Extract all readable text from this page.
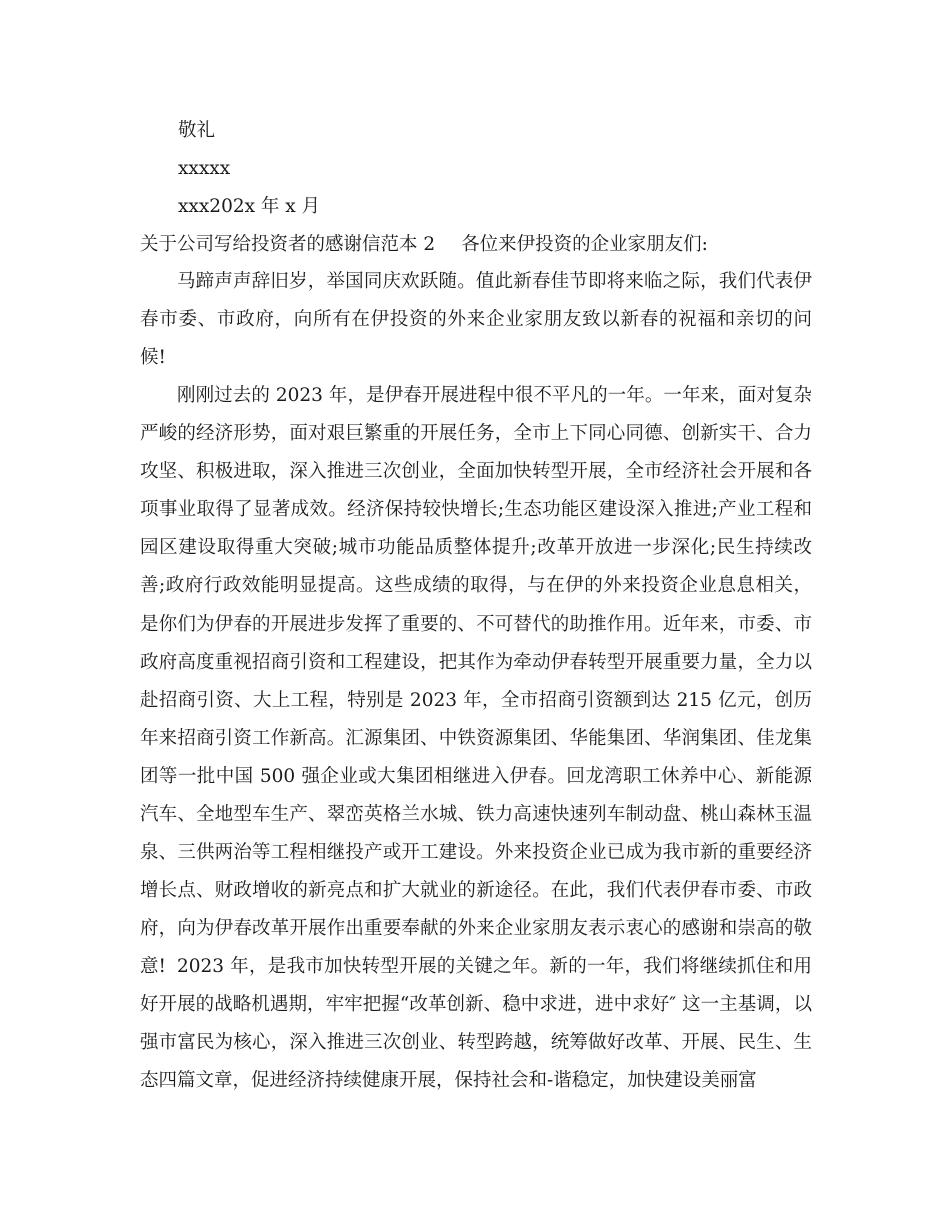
敬礼
xxxxx
xxx202x 年 x 月
关于公司写给投资者的感谢信范本 2 各位来伊投资的企业家朋友们:

马蹄声声辞旧岁，举国同庆欢跃随。值此新春佳节即将来临之际，我们代表伊春市委、市政府，向所有在伊投资的外来企业家朋友致以新春的祝福和亲切的问候!

刚刚过去的 2023 年，是伊春开展进程中很不平凡的一年。一年来，面对复杂严峻的经济形势，面对艰巨繁重的开展任务，全市上下同心同德、创新实干、合力攻坚、积极进取，深入推进三次创业，全面加快转型开展，全市经济社会开展和各项事业取得了显著成效。经济保持较快增长;生态功能区建设深入推进;产业工程和园区建设取得重大突破;城市功能品质整体提升;改革开放进一步深化;民生持续改善;政府行政效能明显提高。这些成绩的取得，与在伊的外来投资企业息息相关，是你们为伊春的开展进步发挥了重要的、不可替代的助推作用。近年来，市委、市政府高度重视招商引资和工程建设，把其作为牵动伊春转型开展重要力量，全力以赴招商引资、大上工程，特别是 2023 年，全市招商引资额到达 215 亿元，创历年来招商引资工作新高。汇源集团、中铁资源集团、华能集团、华润集团、佳龙集团等一批中国 500 强企业或大集团相继进入伊春。回龙湾职工休养中心、新能源汽车、全地型车生产、翠峦英格兰水城、铁力高速快速列车制动盘、桃山森林玉温泉、三供两治等工程相继投产或开工建设。外来投资企业已成为我市新的重要经济增长点、财政增收的新亮点和扩大就业的新途径。在此，我们代表伊春市委、市政府，向为伊春改革开展作出重要奉献的外来企业家朋友表示衷心的感谢和崇高的敬意! 2023 年，是我市加快转型开展的关键之年。新的一年，我们将继续抓住和用好开展的战略机遇期，牢牢把握“改革创新、稳中求进，进中求好″ 这一主基调，以强市富民为核心，深入推进三次创业、转型跨越，统筹做好改革、开展、民生、生态四篇文章，促进经济持续健康开展，保持社会和-谐稳定，加快建设美丽富
